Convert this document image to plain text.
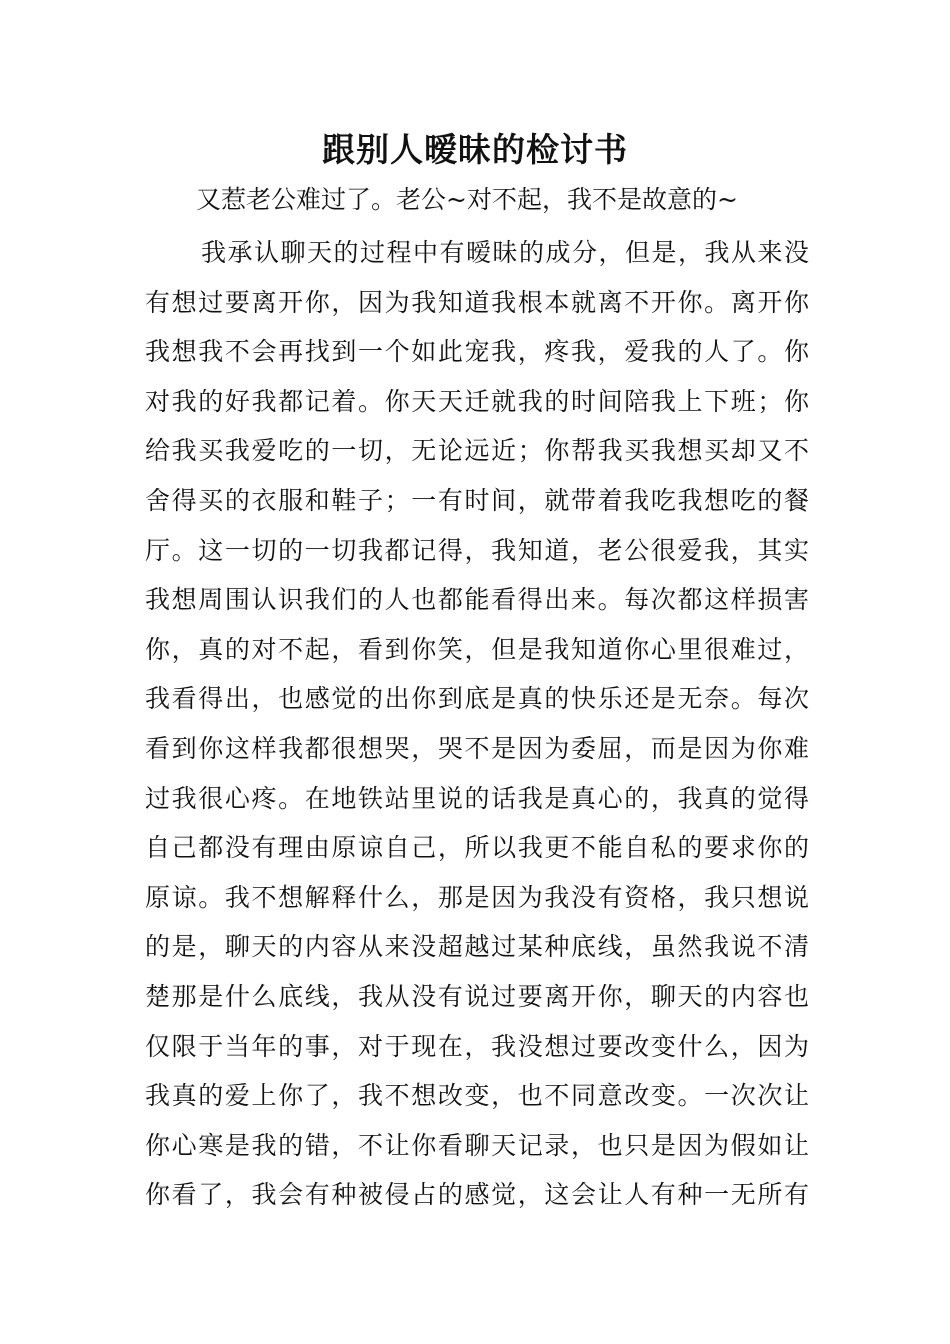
跟别人暧昧的检讨书
又惹老公难过了。老公~对不起，我不是故意的~
我承认聊天的过程中有暧昧的成分，但是，我从来没
有想过要离开你，因为我知道我根本就离不开你。离开你
我想我不会再找到一个如此宠我，疼我，爱我的人了。你
对我的好我都记着。你天天迁就我的时间陪我上下班；你
给我买我爱吃的一切，无论远近；你帮我买我想买却又不
舍得买的衣服和鞋子；一有时间，就带着我吃我想吃的餐
厅。这一切的一切我都记得，我知道，老公很爱我，其实
我想周围认识我们的人也都能看得出来。每次都这样损害
你，真的对不起，看到你笑，但是我知道你心里很难过，
我看得出，也感觉的出你到底是真的快乐还是无奈。每次
看到你这样我都很想哭，哭不是因为委屈，而是因为你难
过我很心疼。在地铁站里说的话我是真心的，我真的觉得
自己都没有理由原谅自己，所以我更不能自私的要求你的
原谅。我不想解释什么，那是因为我没有资格，我只想说
的是，聊天的内容从来没超越过某种底线，虽然我说不清
楚那是什么底线，我从没有说过要离开你，聊天的内容也
仅限于当年的事，对于现在，我没想过要改变什么，因为
我真的爱上你了，我不想改变，也不同意改变。一次次让
你心寒是我的错，不让你看聊天记录，也只是因为假如让
你看了，我会有种被侵占的感觉，这会让人有种一无所有
